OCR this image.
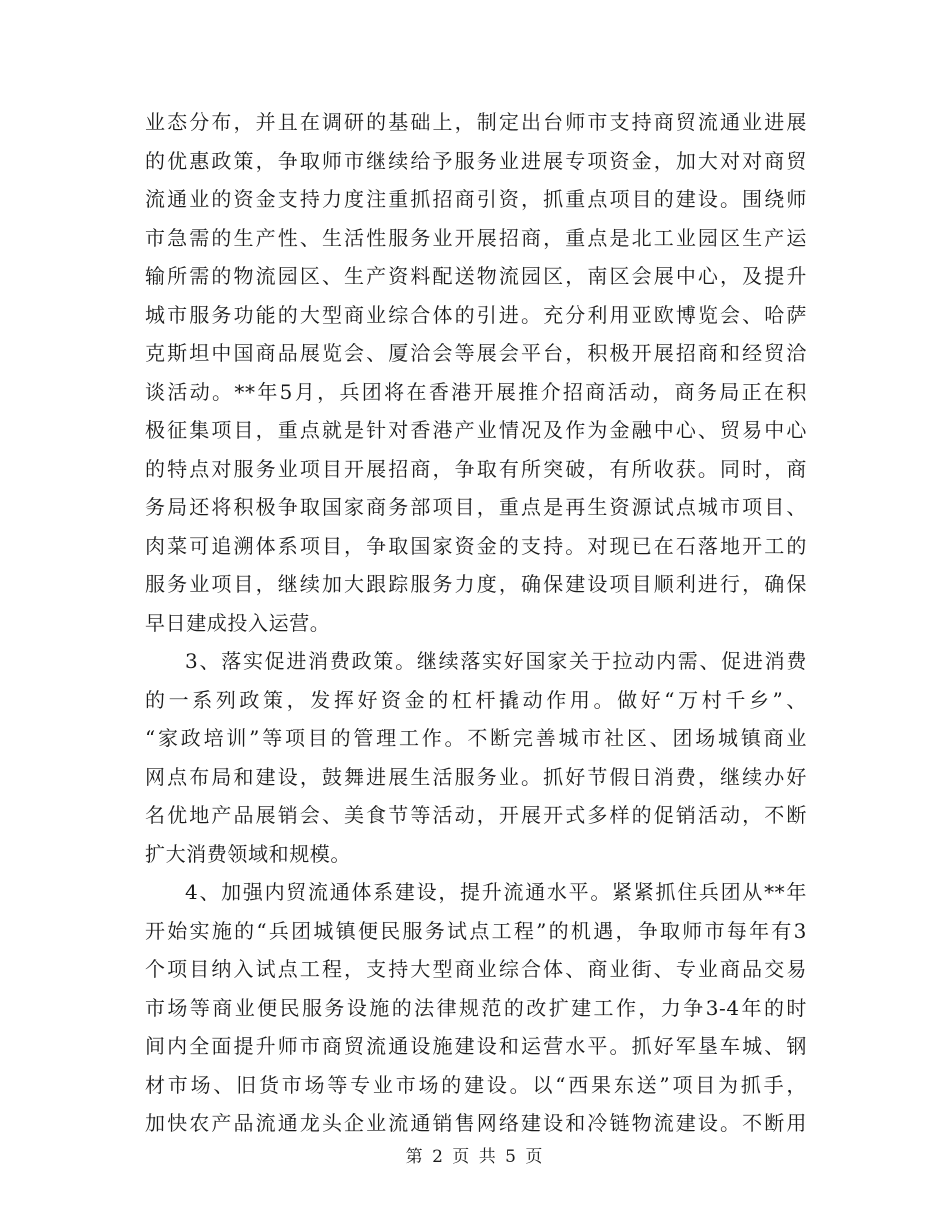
业态分布，并且在调研的基础上，制定出台师市支持商贸流通业进展
的优惠政策，争取师市继续给予服务业进展专项资金，加大对对商贸
流通业的资金支持力度注重抓招商引资，抓重点项目的建设。围绕师
市急需的生产性、生活性服务业开展招商，重点是北工业园区生产运
输所需的物流园区、生产资料配送物流园区，南区会展中心，及提升
城市服务功能的大型商业综合体的引进。充分利用亚欧博览会、哈萨
克斯坦中国商品展览会、厦洽会等展会平台，积极开展招商和经贸洽
谈活动。**年5月，兵团将在香港开展推介招商活动，商务局正在积
极征集项目，重点就是针对香港产业情况及作为金融中心、贸易中心
的特点对服务业项目开展招商，争取有所突破，有所收获。同时，商
务局还将积极争取国家商务部项目，重点是再生资源试点城市项目、
肉菜可追溯体系项目，争取国家资金的支持。对现已在石落地开工的
服务业项目，继续加大跟踪服务力度，确保建设项目顺利进行，确保
早日建成投入运营。
3、落实促进消费政策。继续落实好国家关于拉动内需、促进消费
的一系列政策，发挥好资金的杠杆撬动作用。做好“万村千乡”、
“家政培训”等项目的管理工作。不断完善城市社区、团场城镇商业
网点布局和建设，鼓舞进展生活服务业。抓好节假日消费，继续办好
名优地产品展销会、美食节等活动，开展开式多样的促销活动，不断
扩大消费领域和规模。
4、加强内贸流通体系建设，提升流通水平。紧紧抓住兵团从**年
开始实施的“兵团城镇便民服务试点工程”的机遇，争取师市每年有3
个项目纳入试点工程，支持大型商业综合体、商业街、专业商品交易
市场等商业便民服务设施的法律规范的改扩建工作，力争3-4年的时
间内全面提升师市商贸流通设施建设和运营水平。抓好军垦车城、钢
材市场、旧货市场等专业市场的建设。以“西果东送”项目为抓手，
加快农产品流通龙头企业流通销售网络建设和冷链物流建设。不断用
第 2 页 共 5 页
